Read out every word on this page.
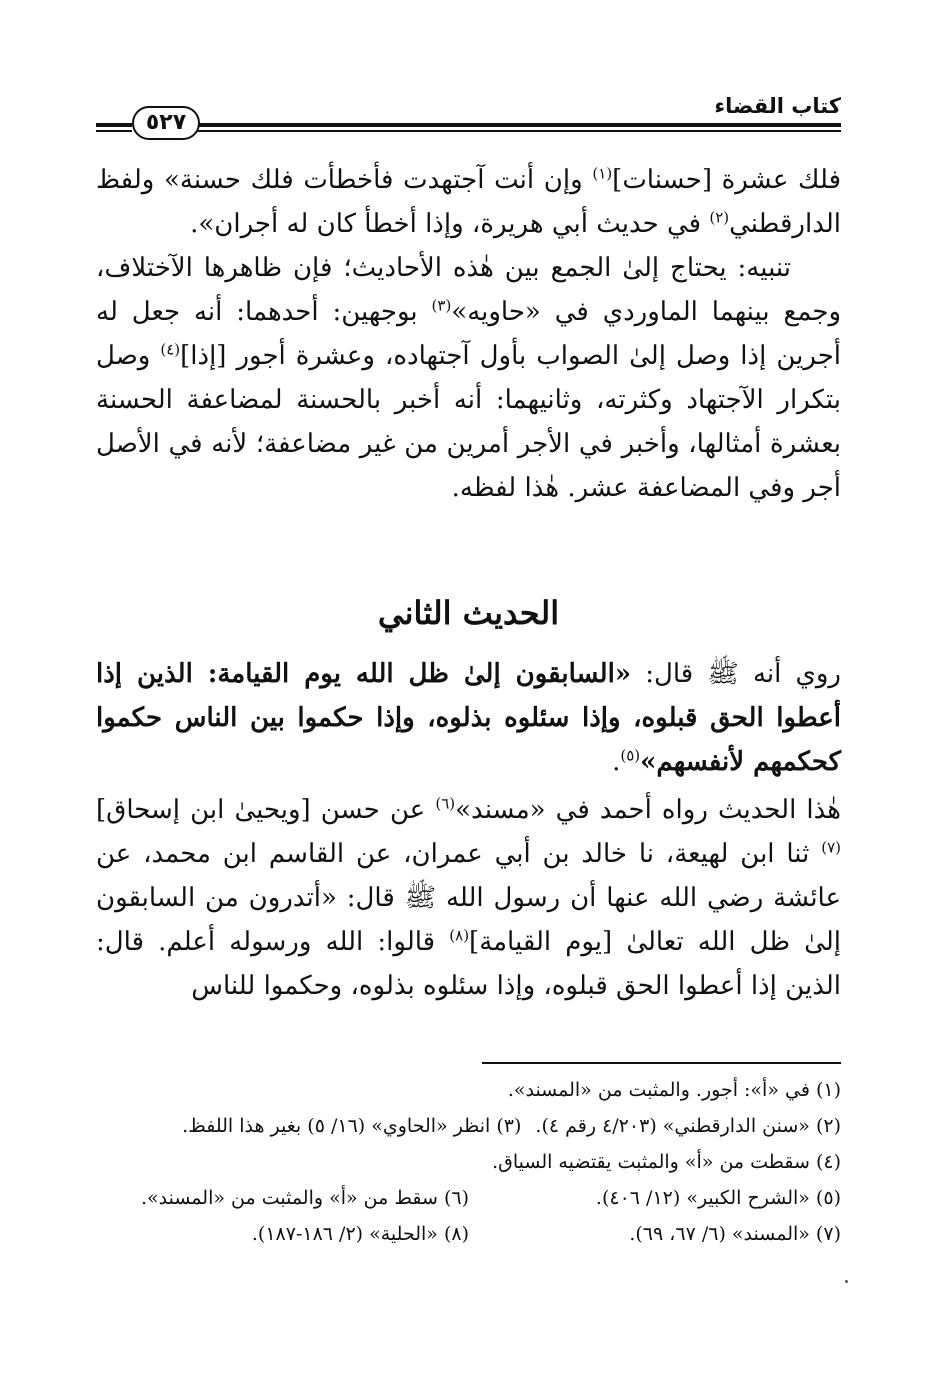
كتاب القضاء
٥٢٧

فلك عشرة [حسنات]$^{(١)}$ وإن أنت آجتهدت فأخطأت فلك حسنة» ولفظ الدارقطني$^{(٢)}$ في حديث أبي هريرة، وإذا أخطأ كان له أجران».

تنبيه: يحتاج إلىٰ الجمع بين هٰذه الأحاديث؛ فإن ظاهرها الآختلاف، وجمع بينهما الماوردي في «حاويه»$^{(٣)}$ بوجهين: أحدهما: أنه جعل له أجرين إذا وصل إلىٰ الصواب بأول آجتهاده، وعشرة أجور [إذا]$^{(٤)}$ وصل بتكرار الآجتهاد وكثرته، وثانيهما: أنه أخبر بالحسنة لمضاعفة الحسنة بعشرة أمثالها، وأخبر في الأجر أمرين من غير مضاعفة؛ لأنه في الأصل أجر وفي المضاعفة عشر. هٰذا لفظه.

الحديث الثاني

روي أنه ﷺ قال: «السابقون إلىٰ ظل الله يوم القيامة: الذين إذا أعطوا الحق قبلوه، وإذا سئلوه بذلوه، وإذا حكموا بين الناس حكموا كحكمهم لأنفسهم»$^{(٥)}$.

هٰذا الحديث رواه أحمد في «مسند»$^{(٦)}$ عن حسن [ويحيىٰ ابن إسحاق]$^{(٧)}$ ثنا ابن لهيعة، نا خالد بن أبي عمران، عن القاسم ابن محمد، عن عائشة رضي الله عنها أن رسول الله ﷺ قال: «أتدرون من السابقون إلىٰ ظل الله تعالىٰ [يوم القيامة]$^{(٨)}$ قالوا: الله ورسوله أعلم. قال: الذين إذا أعطوا الحق قبلوه، وإذا سئلوه بذلوه، وحكموا للناس

(١) في «أ»: أجور. والمثبت من «المسند».
(٢) «سنن الدارقطني» (٤/٢٠٣ رقم ٤).
(٣) انظر «الحاوي» (١٦/ ٥) بغير هذا اللفظ.
(٤) سقطت من «أ» والمثبت يقتضيه السياق.
(٥) «الشرح الكبير» (١٢/ ٤٠٦).
(٦) سقط من «أ» والمثبت من «المسند».
(٧) «المسند» (٦/ ٦٧، ٦٩).
(٨) «الحلية» (٢/ ١٨٦-١٨٧).
